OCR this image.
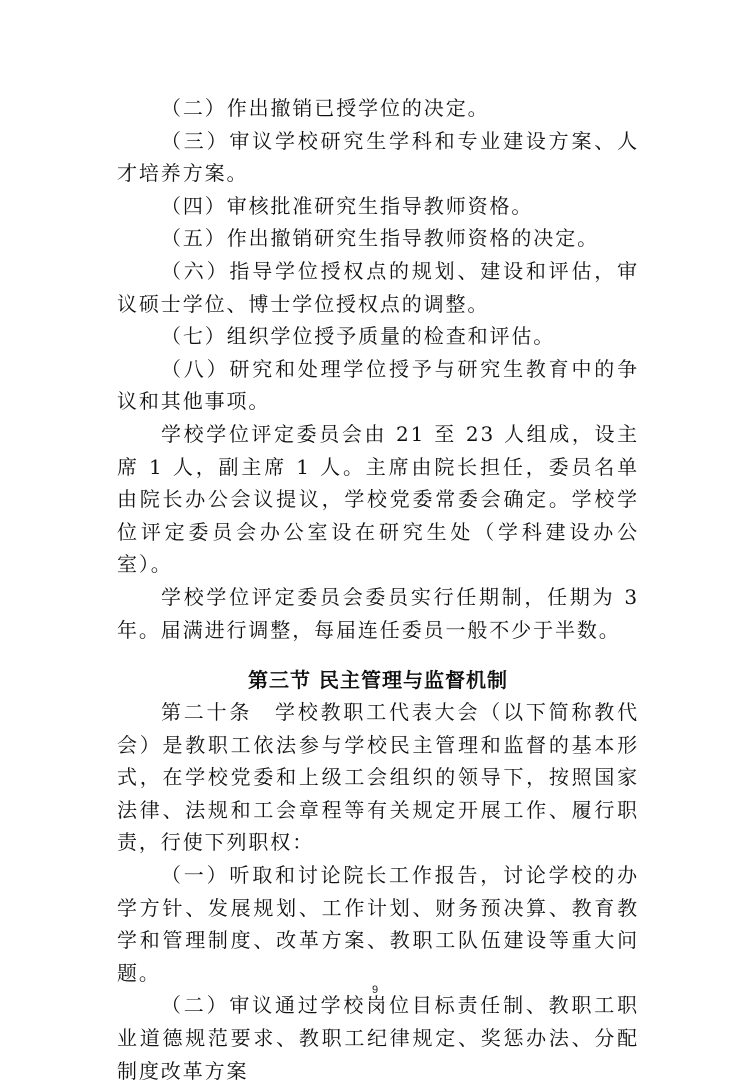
（二）作出撤销已授学位的决定。

（三）审议学校研究生学科和专业建设方案、人才培养方案。

（四）审核批准研究生指导教师资格。

（五）作出撤销研究生指导教师资格的决定。

（六）指导学位授权点的规划、建设和评估，审议硕士学位、博士学位授权点的调整。

（七）组织学位授予质量的检查和评估。

（八）研究和处理学位授予与研究生教育中的争议和其他事项。

学校学位评定委员会由 21 至 23 人组成，设主席 1 人，副主席 1 人。主席由院长担任，委员名单由院长办公会议提议，学校党委常委会确定。学校学位评定委员会办公室设在研究生处（学科建设办公室）。

学校学位评定委员会委员实行任期制，任期为 3 年。届满进行调整，每届连任委员一般不少于半数。

第三节 民主管理与监督机制

第二十条　学校教职工代表大会（以下简称教代会）是教职工依法参与学校民主管理和监督的基本形式，在学校党委和上级工会组织的领导下，按照国家法律、法规和工会章程等有关规定开展工作、履行职责，行使下列职权：

（一）听取和讨论院长工作报告，讨论学校的办学方针、发展规划、工作计划、财务预决算、教育教学和管理制度、改革方案、教职工队伍建设等重大问题。

（二）审议通过学校岗位目标责任制、教职工职业道德规范要求、教职工纪律规定、奖惩办法、分配制度改革方案

9
